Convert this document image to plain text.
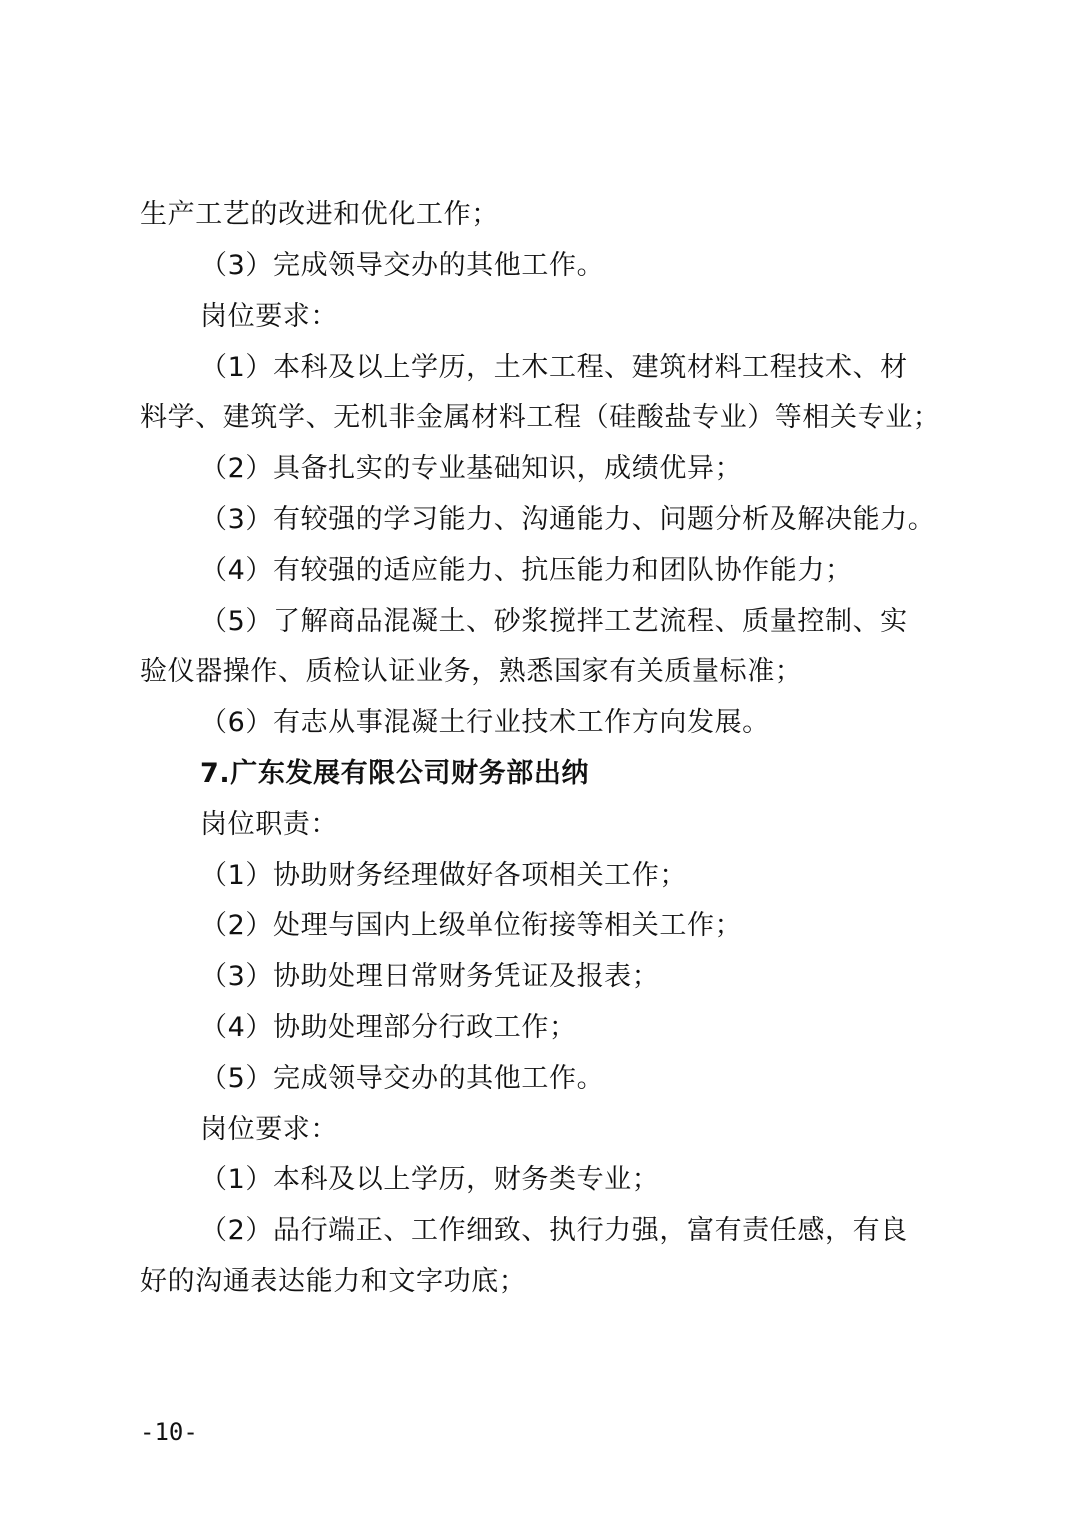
生产工艺的改进和优化工作；
（3）完成领导交办的其他工作。
岗位要求：
（1）本科及以上学历，土木工程、建筑材料工程技术、材
料学、建筑学、无机非金属材料工程（硅酸盐专业）等相关专业；
（2）具备扎实的专业基础知识，成绩优异；
（3）有较强的学习能力、沟通能力、问题分析及解决能力。
（4）有较强的适应能力、抗压能力和团队协作能力；
（5）了解商品混凝土、砂浆搅拌工艺流程、质量控制、实
验仪器操作、质检认证业务，熟悉国家有关质量标准；
（6）有志从事混凝土行业技术工作方向发展。
7.广东发展有限公司财务部出纳
岗位职责：
（1）协助财务经理做好各项相关工作；
（2）处理与国内上级单位衔接等相关工作；
（3）协助处理日常财务凭证及报表；
（4）协助处理部分行政工作；
（5）完成领导交办的其他工作。
岗位要求：
（1）本科及以上学历，财务类专业；
（2）品行端正、工作细致、执行力强，富有责任感，有良
好的沟通表达能力和文字功底；
-10-
